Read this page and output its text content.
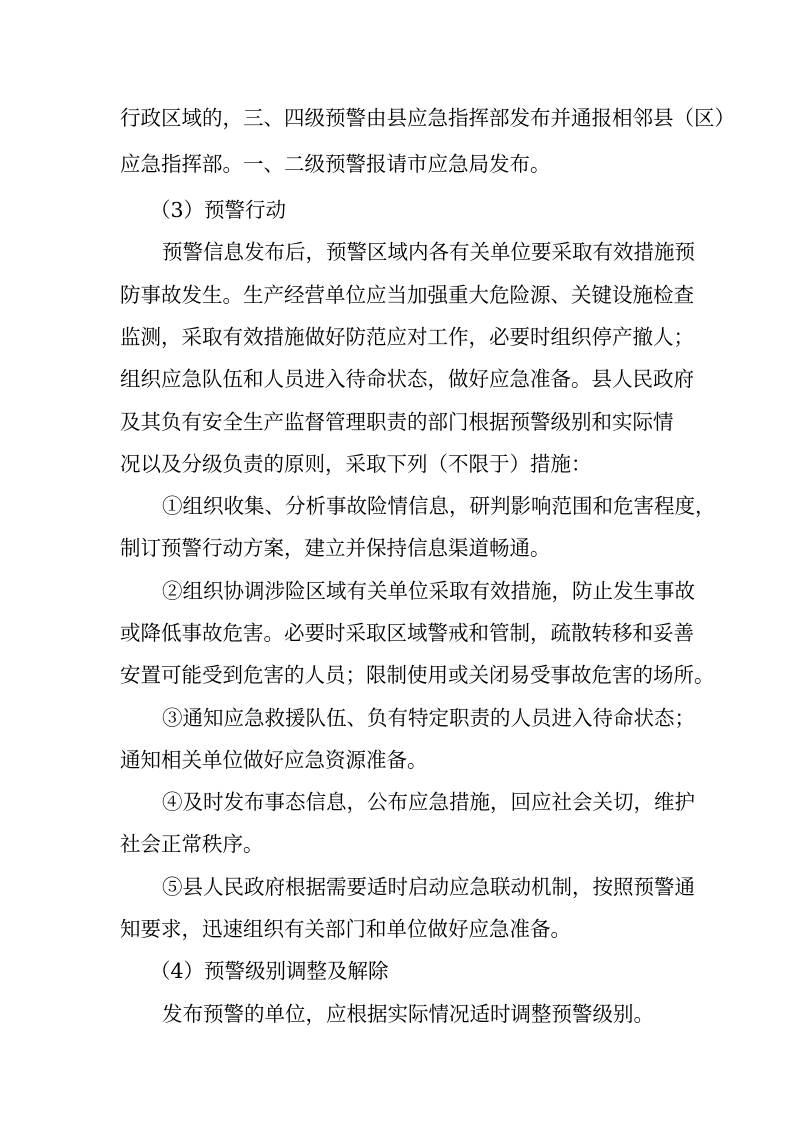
行政区域的，三、四级预警由县应急指挥部发布并通报相邻县（区）
应急指挥部。一、二级预警报请市应急局发布。
（3）预警行动
预警信息发布后，预警区域内各有关单位要采取有效措施预
防事故发生。生产经营单位应当加强重大危险源、关键设施检查
监测，采取有效措施做好防范应对工作，必要时组织停产撤人；
组织应急队伍和人员进入待命状态，做好应急准备。县人民政府
及其负有安全生产监督管理职责的部门根据预警级别和实际情
况以及分级负责的原则，采取下列（不限于）措施：
①组织收集、分析事故险情信息，研判影响范围和危害程度，
制订预警行动方案，建立并保持信息渠道畅通。
②组织协调涉险区域有关单位采取有效措施，防止发生事故
或降低事故危害。必要时采取区域警戒和管制，疏散转移和妥善
安置可能受到危害的人员；限制使用或关闭易受事故危害的场所。
③通知应急救援队伍、负有特定职责的人员进入待命状态；
通知相关单位做好应急资源准备。
④及时发布事态信息，公布应急措施，回应社会关切，维护
社会正常秩序。
⑤县人民政府根据需要适时启动应急联动机制，按照预警通
知要求，迅速组织有关部门和单位做好应急准备。
（4）预警级别调整及解除
发布预警的单位，应根据实际情况适时调整预警级别。
